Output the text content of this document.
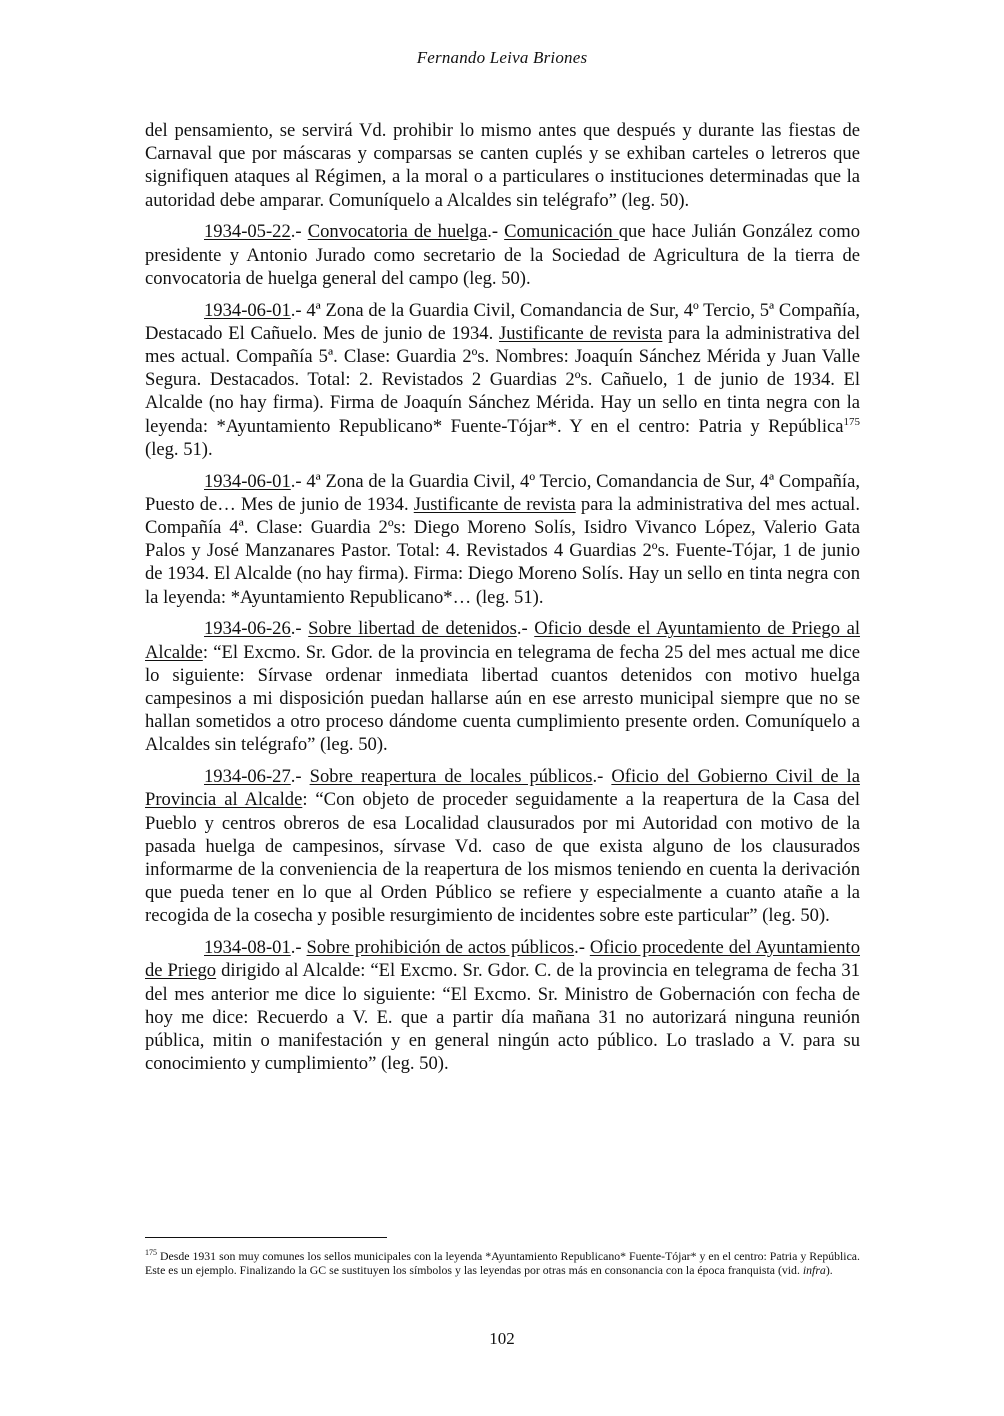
Fernando Leiva Briones

del pensamiento, se servirá Vd. prohibir lo mismo antes que después y durante las fiestas de Carnaval que por máscaras y comparsas se canten cuplés y se exhiban carteles o letreros que signifiquen ataques al Régimen, a la moral o a particulares o instituciones determinadas que la autoridad debe amparar. Comuníquelo a Alcaldes sin telégrafo” (leg. 50).

1934-05-22.- Convocatoria de huelga.- Comunicación que hace Julián González como presidente y Antonio Jurado como secretario de la Sociedad de Agricultura de la tierra de convocatoria de huelga general del campo (leg. 50).

1934-06-01.- 4ª Zona de la Guardia Civil, Comandancia de Sur, 4º Tercio, 5ª Compañía, Destacado El Cañuelo. Mes de junio de 1934. Justificante de revista para la administrativa del mes actual. Compañía 5ª. Clase: Guardia 2ºs. Nombres: Joaquín Sánchez Mérida y Juan Valle Segura. Destacados. Total: 2. Revistados 2 Guardias 2ºs. Cañuelo, 1 de junio de 1934. El Alcalde (no hay firma). Firma de Joaquín Sánchez Mérida. Hay un sello en tinta negra con la leyenda: *Ayuntamiento Republicano* Fuente-Tójar*. Y en el centro: Patria y República$^{175}$ (leg. 51).

1934-06-01.- 4ª Zona de la Guardia Civil, 4º Tercio, Comandancia de Sur, 4ª Compañía, Puesto de… Mes de junio de 1934. Justificante de revista para la administrativa del mes actual. Compañía 4ª. Clase: Guardia 2ºs: Diego Moreno Solís, Isidro Vivanco López, Valerio Gata Palos y José Manzanares Pastor. Total: 4. Revistados 4 Guardias 2ºs. Fuente-Tójar, 1 de junio de 1934. El Alcalde (no hay firma). Firma: Diego Moreno Solís. Hay un sello en tinta negra con la leyenda: *Ayuntamiento Republicano*… (leg. 51).

1934-06-26.- Sobre libertad de detenidos.- Oficio desde el Ayuntamiento de Priego al Alcalde: “El Excmo. Sr. Gdor. de la provincia en telegrama de fecha 25 del mes actual me dice lo siguiente: Sírvase ordenar inmediata libertad cuantos detenidos con motivo huelga campesinos a mi disposición puedan hallarse aún en ese arresto municipal siempre que no se hallan sometidos a otro proceso dándome cuenta cumplimiento presente orden. Comuníquelo a Alcaldes sin telégrafo” (leg. 50).

1934-06-27.- Sobre reapertura de locales públicos.- Oficio del Gobierno Civil de la Provincia al Alcalde: “Con objeto de proceder seguidamente a la reapertura de la Casa del Pueblo y centros obreros de esa Localidad clausurados por mi Autoridad con motivo de la pasada huelga de campesinos, sírvase Vd. caso de que exista alguno de los clausurados informarme de la conveniencia de la reapertura de los mismos teniendo en cuenta la derivación que pueda tener en lo que al Orden Público se refiere y especialmente a cuanto atañe a la recogida de la cosecha y posible resurgimiento de incidentes sobre este particular” (leg. 50).

1934-08-01.- Sobre prohibición de actos públicos.- Oficio procedente del Ayuntamiento de Priego dirigido al Alcalde: “El Excmo. Sr. Gdor. C. de la provincia en telegrama de fecha 31 del mes anterior me dice lo siguiente: “El Excmo. Sr. Ministro de Gobernación con fecha de hoy me dice: Recuerdo a V. E. que a partir día mañana 31 no autorizará ninguna reunión pública, mitin o manifestación y en general ningún acto público. Lo traslado a V. para su conocimiento y cumplimiento” (leg. 50).

$^{175}$ Desde 1931 son muy comunes los sellos municipales con la leyenda *Ayuntamiento Republicano* Fuente-Tójar* y en el centro: Patria y República. Este es un ejemplo. Finalizando la GC se sustituyen los símbolos y las leyendas por otras más en consonancia con la época franquista (vid. infra).
102
